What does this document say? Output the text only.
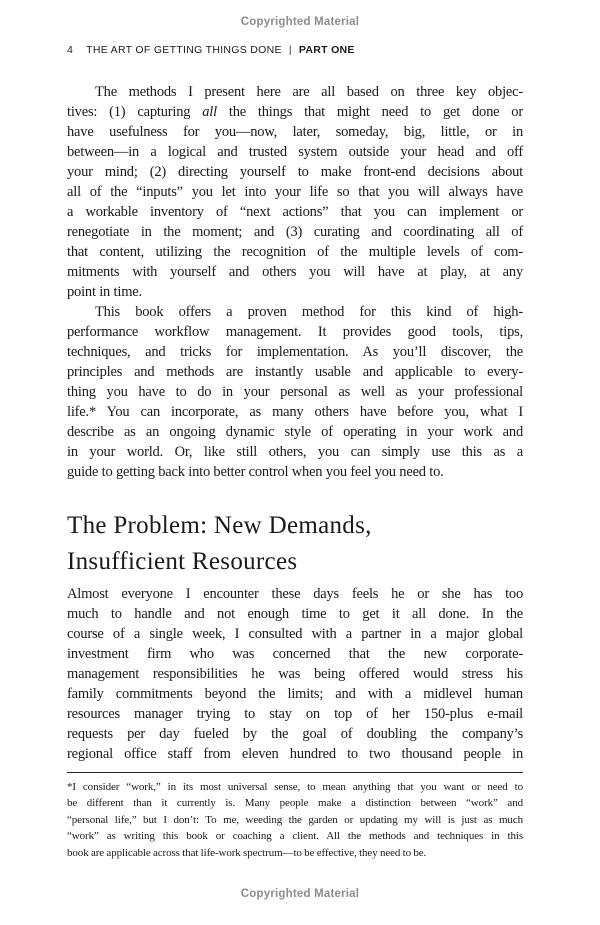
Copyrighted Material
4 THE ART OF GETTING THINGS DONE | PART ONE
The methods I present here are all based on three key objec-
tives: (1) capturing all the things that might need to get done or
have usefulness for you—now, later, someday, big, little, or in
between—in a logical and trusted system outside your head and off
your mind; (2) directing yourself to make front-end decisions about
all of the “inputs” you let into your life so that you will always have
a workable inventory of “next actions” that you can implement or
renegotiate in the moment; and (3) curating and coordinating all of
that content, utilizing the recognition of the multiple levels of com-
mitments with yourself and others you will have at play, at any
point in time.
This book offers a proven method for this kind of high-
performance workflow management. It provides good tools, tips,
techniques, and tricks for implementation. As you’ll discover, the
principles and methods are instantly usable and applicable to every-
thing you have to do in your personal as well as your professional
life.* You can incorporate, as many others have before you, what I
describe as an ongoing dynamic style of operating in your work and
in your world. Or, like still others, you can simply use this as a
guide to getting back into better control when you feel you need to.
The Problem: New Demands,
Insufficient Resources
Almost everyone I encounter these days feels he or she has too
much to handle and not enough time to get it all done. In the
course of a single week, I consulted with a partner in a major global
investment firm who was concerned that the new corporate-
management responsibilities he was being offered would stress his
family commitments beyond the limits; and with a midlevel human
resources manager trying to stay on top of her 150-plus e-mail
requests per day fueled by the goal of doubling the company’s
regional office staff from eleven hundred to two thousand people in
*I consider “work,” in its most universal sense, to mean anything that you want or need to
be different than it currently is. Many people make a distinction between “work” and
“personal life,” but I don’t: To me, weeding the garden or updating my will is just as much
“work” as writing this book or coaching a client. All the methods and techniques in this
book are applicable across that life-work spectrum—to be effective, they need to be.
Copyrighted Material
